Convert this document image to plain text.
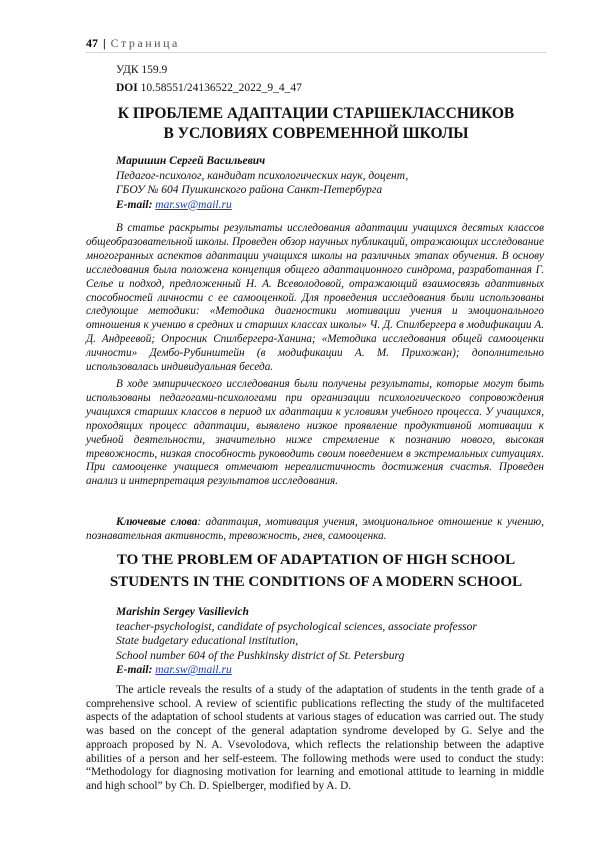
47 | Страница
УДК 159.9
DOI 10.58551/24136522_2022_9_4_47
К ПРОБЛЕМЕ АДАПТАЦИИ СТАРШЕКЛАССНИКОВ
В УСЛОВИЯХ СОВРЕМЕННОЙ ШКОЛЫ
Маришин Сергей Васильевич
Педагог-психолог, кандидат психологических наук, доцент,
ГБОУ № 604 Пушкинского района Санкт-Петербурга
E-mail: mar.sw@mail.ru

В статье раскрыты результаты исследования адаптации учащихся десятых классов общеобразовательной школы. Проведен обзор научных публикаций, отражающих исследование многогранных аспектов адаптации учащихся школы на различных этапах обучения. В основу исследования была положена концепция общего адаптационного синдрома, разработанная Г. Селье и подход, предложенный Н. А. Всеволодовой, отражающий взаимосвязь адаптивных способностей личности с ее самооценкой. Для проведения исследования были использованы следующие методики: «Методика диагностики мотивации учения и эмоционального отношения к учению в средних и старших классах школы» Ч. Д. Спилбергера в модификации А. Д. Андреевой; Опросник Спилбергера-Ханина; «Методика исследования общей самооценки личности» Дембо-Рубинштейн (в модификации А. М. Прихожан); дополнительно использовалась индивидуальная беседа.

В ходе эмпирического исследования были получены результаты, которые могут быть использованы педагогами-психологами при организации психологического сопровождения учащихся старших классов в период их адаптации к условиям учебного процесса. У учащихся, проходящих процесс адаптации, выявлено низкое проявление продуктивной мотивации к учебной деятельности, значительно ниже стремление к познанию нового, высокая тревожность, низкая способность руководить своим поведением в экстремальных ситуациях. При самооценке учащиеся отмечают нереалистичность достижения счастья. Проведен анализ и интерпретация результатов исследования.

Ключевые слова: адаптация, мотивация учения, эмоциональное отношение к учению, познавательная активность, тревожность, гнев, самооценка.
TO THE PROBLEM OF ADAPTATION OF HIGH SCHOOL
STUDENTS IN THE CONDITIONS OF A MODERN SCHOOL
Marishin Sergey Vasilievich
teacher-psychologist, candidate of psychological sciences, associate professor
State budgetary educational institution,
School number 604 of the Pushkinsky district of St. Petersburg
E-mail: mar.sw@mail.ru

The article reveals the results of a study of the adaptation of students in the tenth grade of a comprehensive school. A review of scientific publications reflecting the study of the multifaceted aspects of the adaptation of school students at various stages of education was carried out. The study was based on the concept of the general adaptation syndrome developed by G. Selye and the approach proposed by N. A. Vsevolodova, which reflects the relationship between the adaptive abilities of a person and her self-esteem. The following methods were used to conduct the study: “Methodology for diagnosing motivation for learning and emotional attitude to learning in middle and high school” by Ch. D. Spielberger, modified by A. D.
